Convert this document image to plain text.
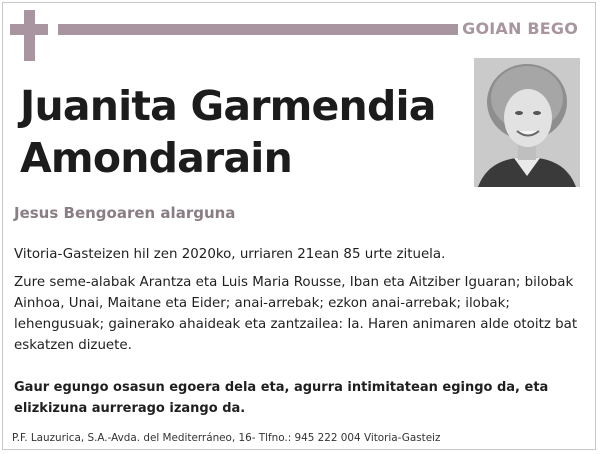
GOIAN BEGO
Juanita Garmendia Amondarain
Jesus Bengoaren alarguna
Vitoria-Gasteizen hil zen 2020ko, urriaren 21ean 85 urte zituela.
Zure seme-alabak Arantza eta Luis Maria Rousse, Iban eta Aitziber Iguaran; bilobak Ainhoa, Unai, Maitane eta Eider; anai-arrebak; ezkon anai-arrebak; ilobak; lehengusuak; gainerako ahaideak eta zantzailea: Ia. Haren animaren alde otoitz bat eskatzen dizuete.
Gaur egungo osasun egoera dela eta, agurra intimitatean egingo da, eta elizkizuna aurrerago izango da.
P.F. Lauzurica, S.A.-Avda. del Mediterráneo, 16- Tlfno.: 945 222 004 Vitoria-Gasteiz
